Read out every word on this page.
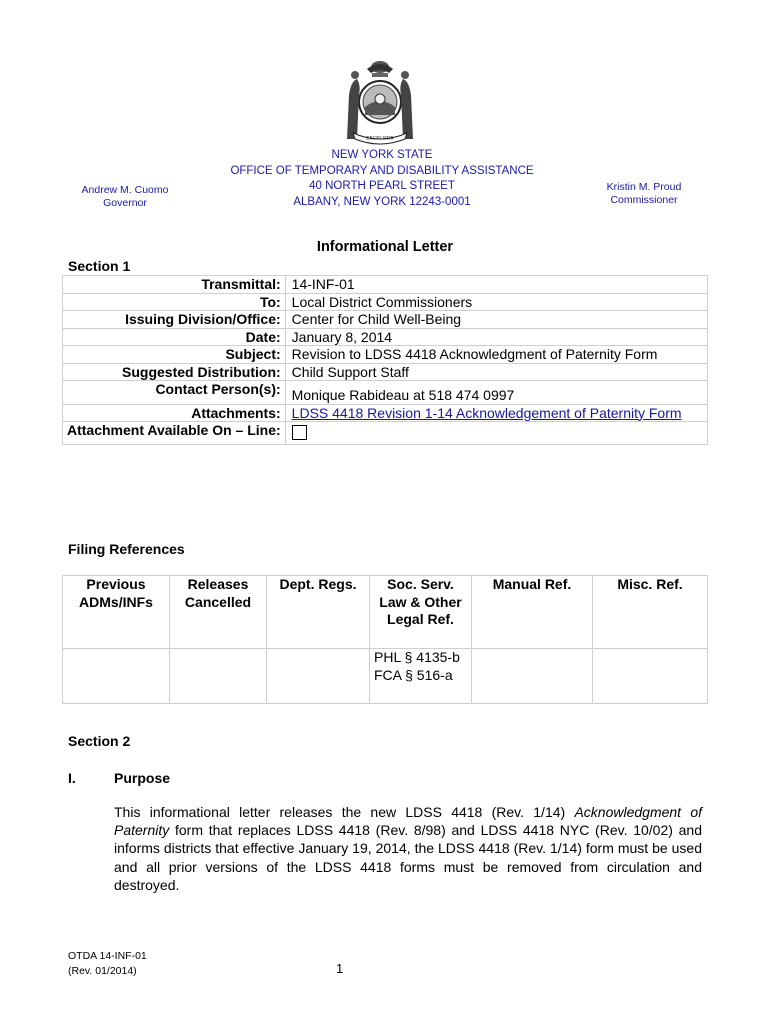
EXCELSIOR
NEW YORK STATE
OFFICE OF TEMPORARY AND DISABILITY ASSISTANCE
40 NORTH PEARL STREET
ALBANY, NEW YORK 12243-0001
Andrew M. Cuomo
Governor
Kristin M. Proud
Commissioner
Informational Letter
Section 1
Transmittal:	14-INF-01
To:	Local District Commissioners
Issuing Division/Office:	Center for Child Well-Being
Date:	January 8, 2014
Subject:	Revision to LDSS 4418 Acknowledgment of Paternity Form
Suggested Distribution:	Child Support Staff
Contact Person(s):	Monique Rabideau at 518 474 0997
Attachments:	LDSS 4418 Revision 1-14 Acknowledgement of Paternity Form
Attachment Available On – Line:	
Filing References
Previous ADMs/INFs	Releases Cancelled	Dept. Regs.	Soc. Serv. Law & Other Legal Ref.	Manual Ref.	Misc. Ref.

			PHL § 4135-b
FCA § 516-a		

Section 2
I.	Purpose
This informational letter releases the new LDSS 4418 (Rev. 1/14) Acknowledgment of Paternity form that replaces LDSS 4418 (Rev. 8/98) and LDSS 4418 NYC (Rev. 10/02) and informs districts that effective January 19, 2014, the LDSS 4418 (Rev. 1/14) form must be used and all prior versions of the LDSS 4418 forms must be removed from circulation and destroyed.
OTDA 14-INF-01
(Rev. 01/2014)	1
